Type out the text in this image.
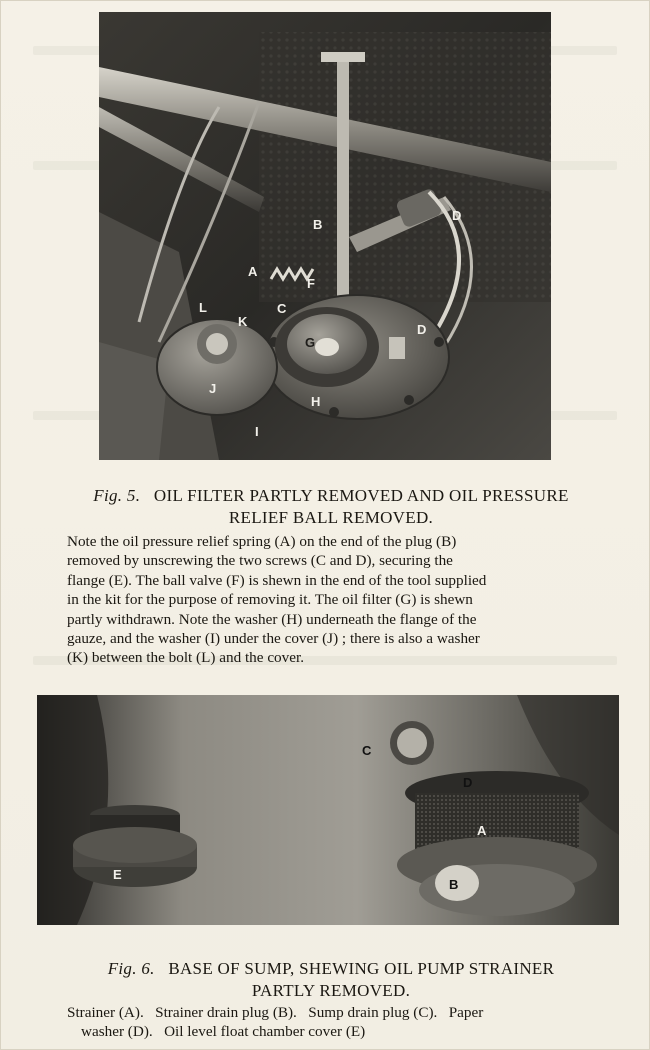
B
D
A
F
C
L
K
D
G
J
H
I
Fig. 5. OIL FILTER PARTLY REMOVED AND OIL PRESSURE
RELIEF BALL REMOVED.

Note the oil pressure relief spring (A) on the end of the plug (B)

removed by unscrewing the two screws (C and D), securing the

flange (E). The ball valve (F) is shewn in the end of the tool supplied

in the kit for the purpose of removing it. The oil filter (G) is shewn

partly withdrawn. Note the washer (H) underneath the flange of the

gauze, and the washer (I) under the cover (J) ; there is also a washer

(K) between the bolt (L) and the cover.

C
D
A
B
E
Fig. 6. BASE OF SUMP, SHEWING OIL PUMP STRAINER
PARTLY REMOVED.
Strainer (A).   Strainer drain plug (B).   Sump drain plug (C).   Paper
washer (D).   Oil level float chamber cover (E)
